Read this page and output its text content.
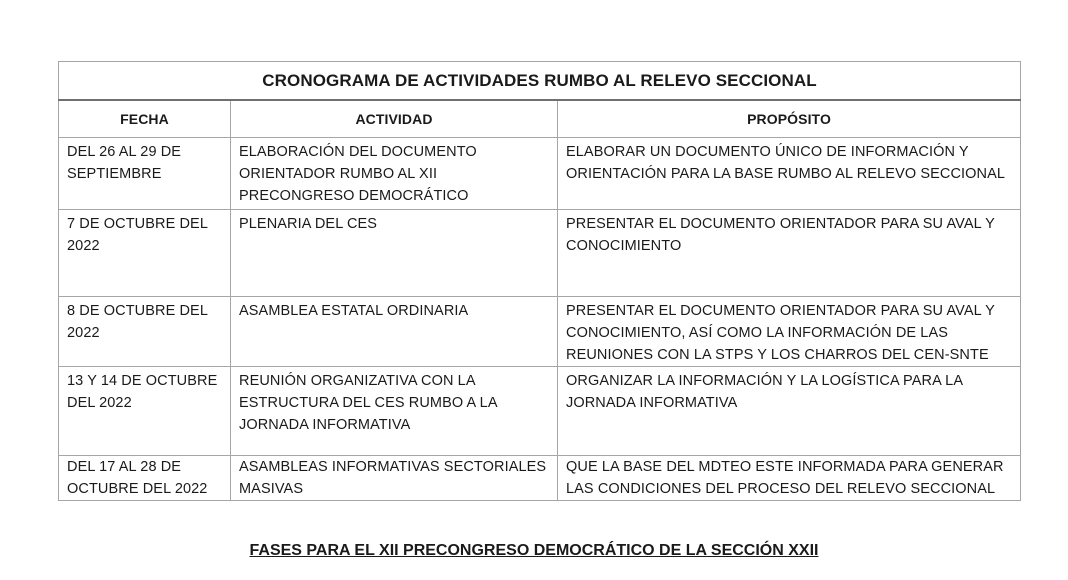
CRONOGRAMA DE ACTIVIDADES RUMBO AL RELEVO SECCIONAL		
FECHA	ACTIVIDAD	PROPÓSITO
DEL 26 AL 29 DE SEPTIEMBRE	ELABORACIÓN DEL DOCUMENTO ORIENTADOR RUMBO AL XII PRECONGRESO DEMOCRÁTICO	ELABORAR UN DOCUMENTO ÚNICO DE INFORMACIÓN Y ORIENTACIÓN PARA LA BASE RUMBO AL RELEVO SECCIONAL
7 DE OCTUBRE DEL 2022	PLENARIA DEL CES	PRESENTAR EL DOCUMENTO ORIENTADOR PARA SU AVAL Y CONOCIMIENTO
8 DE OCTUBRE DEL 2022	ASAMBLEA ESTATAL ORDINARIA	PRESENTAR EL DOCUMENTO ORIENTADOR PARA SU AVAL Y CONOCIMIENTO, ASÍ COMO LA INFORMACIÓN DE LAS REUNIONES CON LA STPS Y LOS CHARROS DEL CEN-SNTE
13 Y 14 DE OCTUBRE DEL 2022	REUNIÓN ORGANIZATIVA CON LA ESTRUCTURA DEL CES RUMBO A LA JORNADA INFORMATIVA	ORGANIZAR LA INFORMACIÓN Y LA LOGÍSTICA PARA LA JORNADA INFORMATIVA
DEL 17 AL 28 DE OCTUBRE DEL 2022	ASAMBLEAS INFORMATIVAS SECTORIALES MASIVAS	QUE LA BASE DEL MDTEO ESTE INFORMADA PARA GENERAR LAS CONDICIONES DEL PROCESO DEL RELEVO SECCIONAL
FASES PARA EL XII PRECONGRESO DEMOCRÁTICO DE LA SECCIÓN XXII
